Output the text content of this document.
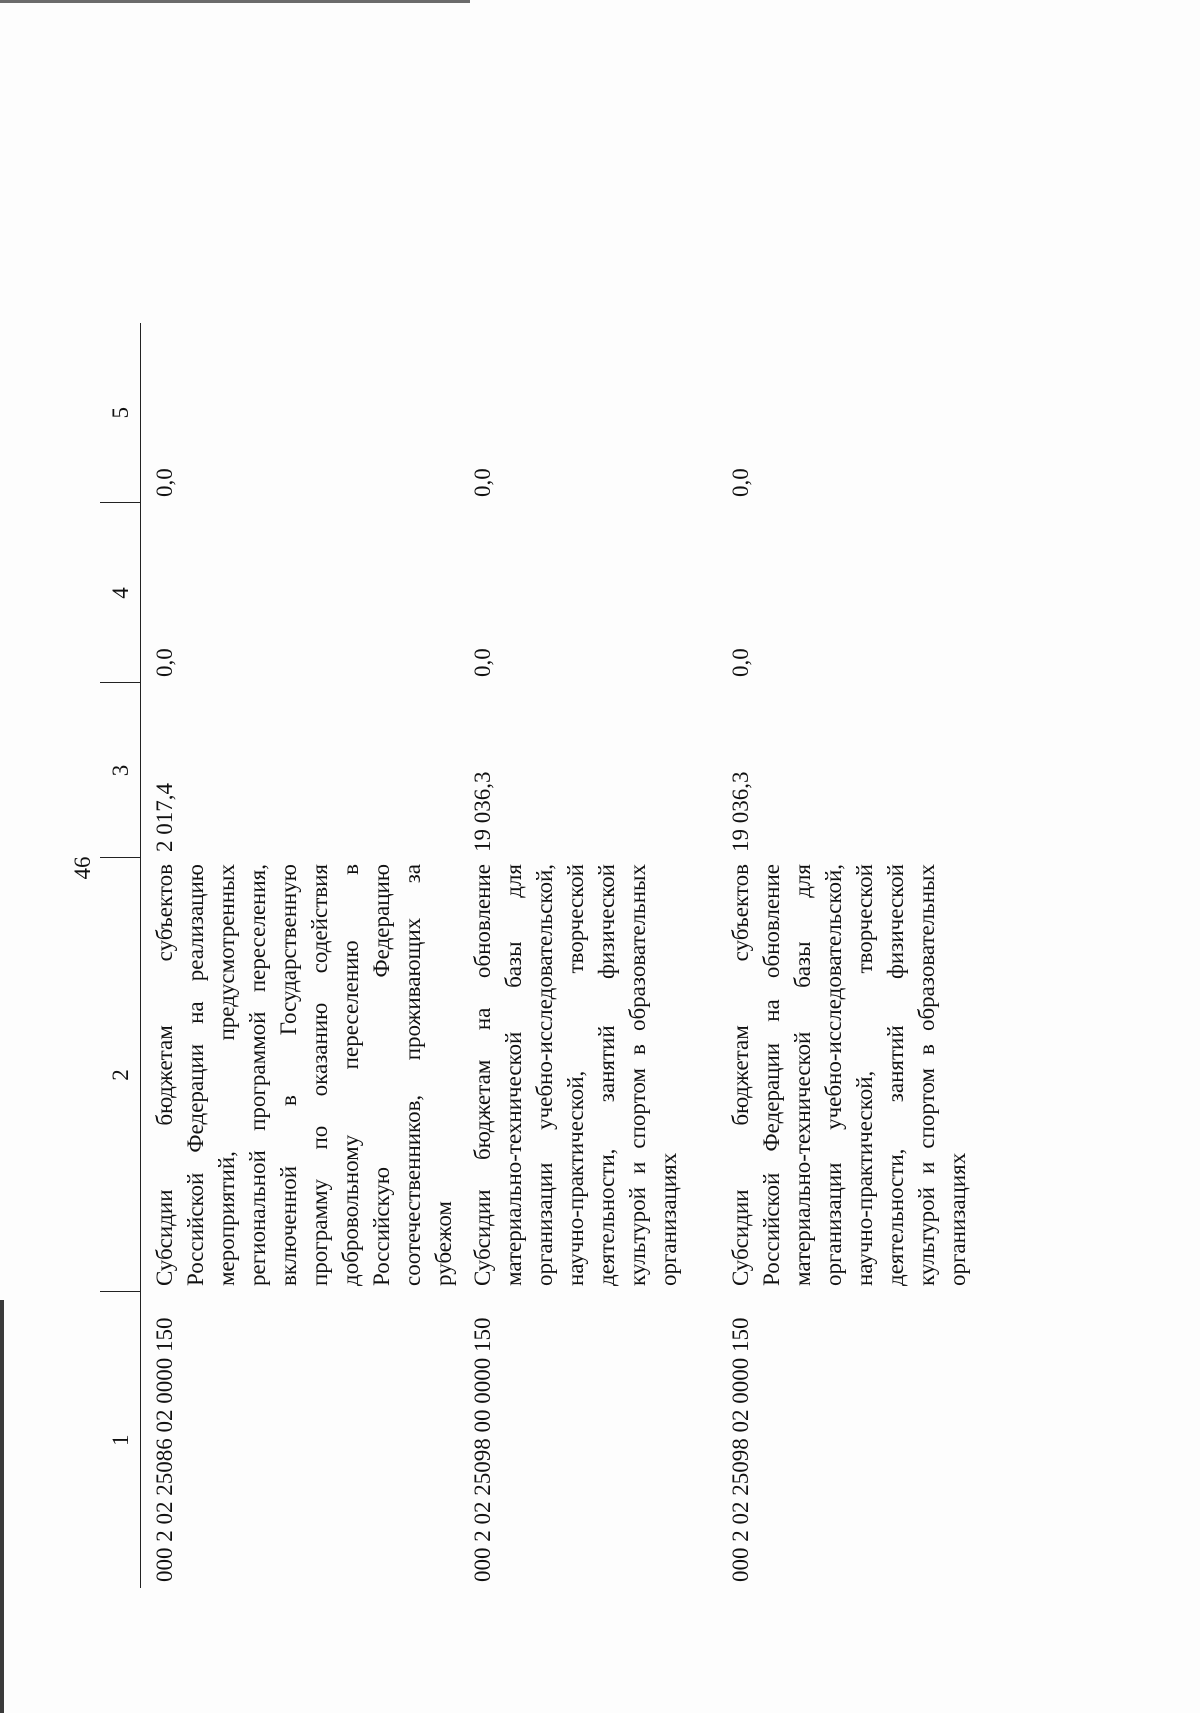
46
1	2	3	4	5
000 2 02 25086 02 0000 150	Субсидии бюджетам субъектов Российской Федерации на реализацию мероприятий, предусмотренных региональной программой переселения, включенной в Государственную программу по оказанию содействия добровольному переселению в Российскую Федерацию соотечественников, проживающих за рубежом	2 017,4	0,0	0,0
000 2 02 25098 00 0000 150	Субсидии бюджетам на обновление материально-технической базы для организации учебно-исследовательской, научно-практической, творческой деятельности, занятий физической культурой и спортом в образовательных организациях	19 036,3	0,0	0,0
000 2 02 25098 02 0000 150	Субсидии бюджетам субъектов Российской Федерации на обновление материально-технической базы для организации учебно-исследовательской, научно-практической, творческой деятельности, занятий физической культурой и спортом в образовательных организациях	19 036,3	0,0	0,0
